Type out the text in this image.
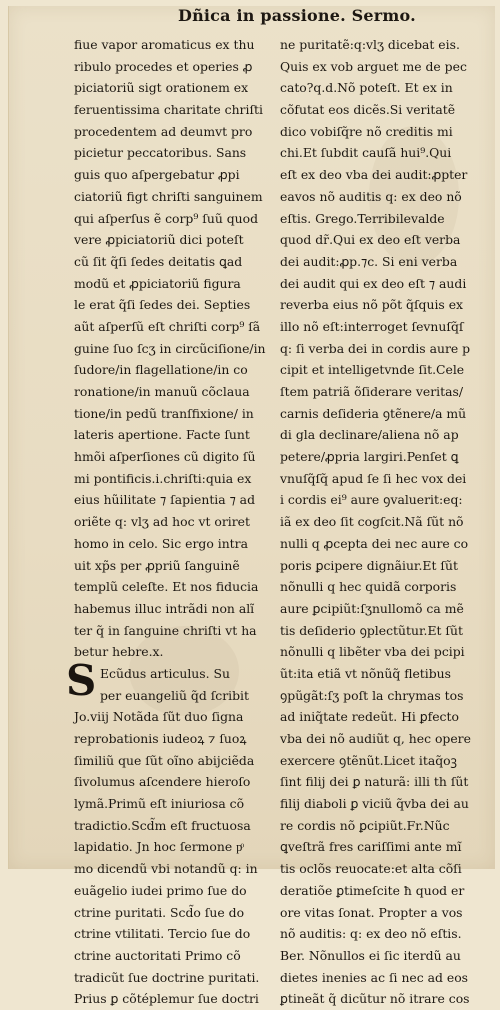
Dñica in passione. Sermo.
fiue vapor aromaticus ex thu
ribulo procedes et operies ꝓ
piciatoriũ sigt orationem ex
feruentissima charitate chriſti
procedentem ad deumvt pro
picietur peccatoribus. Sans
guis quo aſpergebatur ꝓpi
ciatoriũ figt chriſti sanguinem
qui aſperſus ẽ corp⁹ ſuũ quod
vere ꝓpiciatoriũ dici poteſt
cũ ſit q̃ſi ſedes deitatis ꝗad
modũ et ꝓpiciatoriũ figura
le erat q̃ſi ſedes dei. Septies
aũt aſperſũ eſt chriſti corp⁹ ſã
guine ſuo ſcʒ in circũciſione/in
ſudore/in flagellatione/in co
ronatione/in manuũ cõclaua
tione/in pedũ tranſfixione/ in
lateris apertione. Facte ſunt
hmõi aſperſiones cũ digito ſũ
mi pontificis.i.chriſti:quia ex
eius hũilitate ⁊ ſapientia ⁊ ad
oriẽte q: vlʒ ad hoc vt oriret
homo in celo. Sic ergo intra
uit xp̃s per ꝓpriũ ſanguinẽ
templũ celeſte. Et nos fiducia
habemus illuc intrãdi non alĩ
ter q̃ in ſanguine chriſti vt ha
betur hebre.x.
S Ecũdus articulus. Su
per euangeliũ q̃d ſcribit
Jo.viij Notãda ſũt duo ſigna
reprobationis iudeoꝝ ⁊ ſuoꝝ
ſimiliũ que ſũt oĩno abijciẽda
ſivolumus aſcendere hieroſo
lymã.Primũ eſt iniuriosa cõ
tradictio.Scd̃m eſt fructuosa
lapidatio. Jn hoc ſermone pͦ
mo dicendũ vbi notandũ q: in
euãgelio iudei primo ſue do
ctrine puritati. Scd̃o ſue do
ctrine vtilitati. Tercio ſue do
ctrine auctoritati Primo cõ
tradicũt ſue doctrine puritati.
Prius ꝑ cõtéplemur ſue doctri
ne puritatẽ:q:vlʒ dicebat eis.
Quis ex vob arguet me de pec
cato?q.d.Nõ poteſt. Et ex in
cõfutat eos dicẽs.Si veritatẽ
dico vobiſq̃re nõ creditis mi
chi.Et ſubdit cauſã hui⁹.Qui
eſt ex deo vba dei audit:ꝓpter
eavos nõ auditis q: ex deo nõ
eſtis. Grego.Terribilevalde
quod dr̃.Qui ex deo eſt verba
dei audit:ꝓp.⁊c. Si eni verba
dei audit qui ex deo eſt ⁊ audi
reverba eius nõ põt q̃ſquis ex
illo nõ eſt:interroget ſevnuſq̃ſ
q: ſi verba dei in cordis aure p
cipit et intelligetvnde ſit.Cele
ſtem patriã õſiderare veritas/
carnis deſideria ꝯtẽnere/a mũ
di gla declinare/aliena nõ ap
petere/ꝓpria largiri.Penſet ꝗ
vnuſq̃ſq̃ apud ſe ſi hec vox dei
i cordis ei⁹ aure ꝯvaluerit:eq:
iã ex deo ſit cogſcit.Nã ſũt nõ
nulli q ꝓcepta dei nec aure co
poris ꝑcipere dignãiur.Et ſũt
nõnulli q hec quidã corporis
aure ꝑcipiũt:ſʒnullomõ ca mẽ
tis deſiderio ꝯplectũtur.Et ſũt
nõnulli q libẽter vba dei pcipi
ũt:ita etiã vt nõnũq̃ fletibus
ꝯpũgãt:ſʒ poſt la chrymas tos
ad iniq̃tate redeũt. Hi ꝑfecto
vba dei nõ audiũt q, hec opere
exercere ꝯtẽnũt.Licet itaq̃oꝫ
ſint filij dei ꝑ naturã: illi th ſũt
filij diaboli ꝑ viciũ q̃vba dei au
re cordis nõ ꝑcipiũt.Fr.Nũc
ꝗveſtrã fres cariſſimi ante mĩ
tis oclõs reuocate:et alta cõſi
deratiõe ꝑtimeſcite ħ quod er
ore vitas ſonat. Propter a vos
nõ auditis: q: ex deo nõ eſtis.
Ber. Nõnullos ei ſic iterdũ au
dietes inenies ac ſi nec ad eos
ꝑtineãt q̃ dicũtur nõ itrare cos
